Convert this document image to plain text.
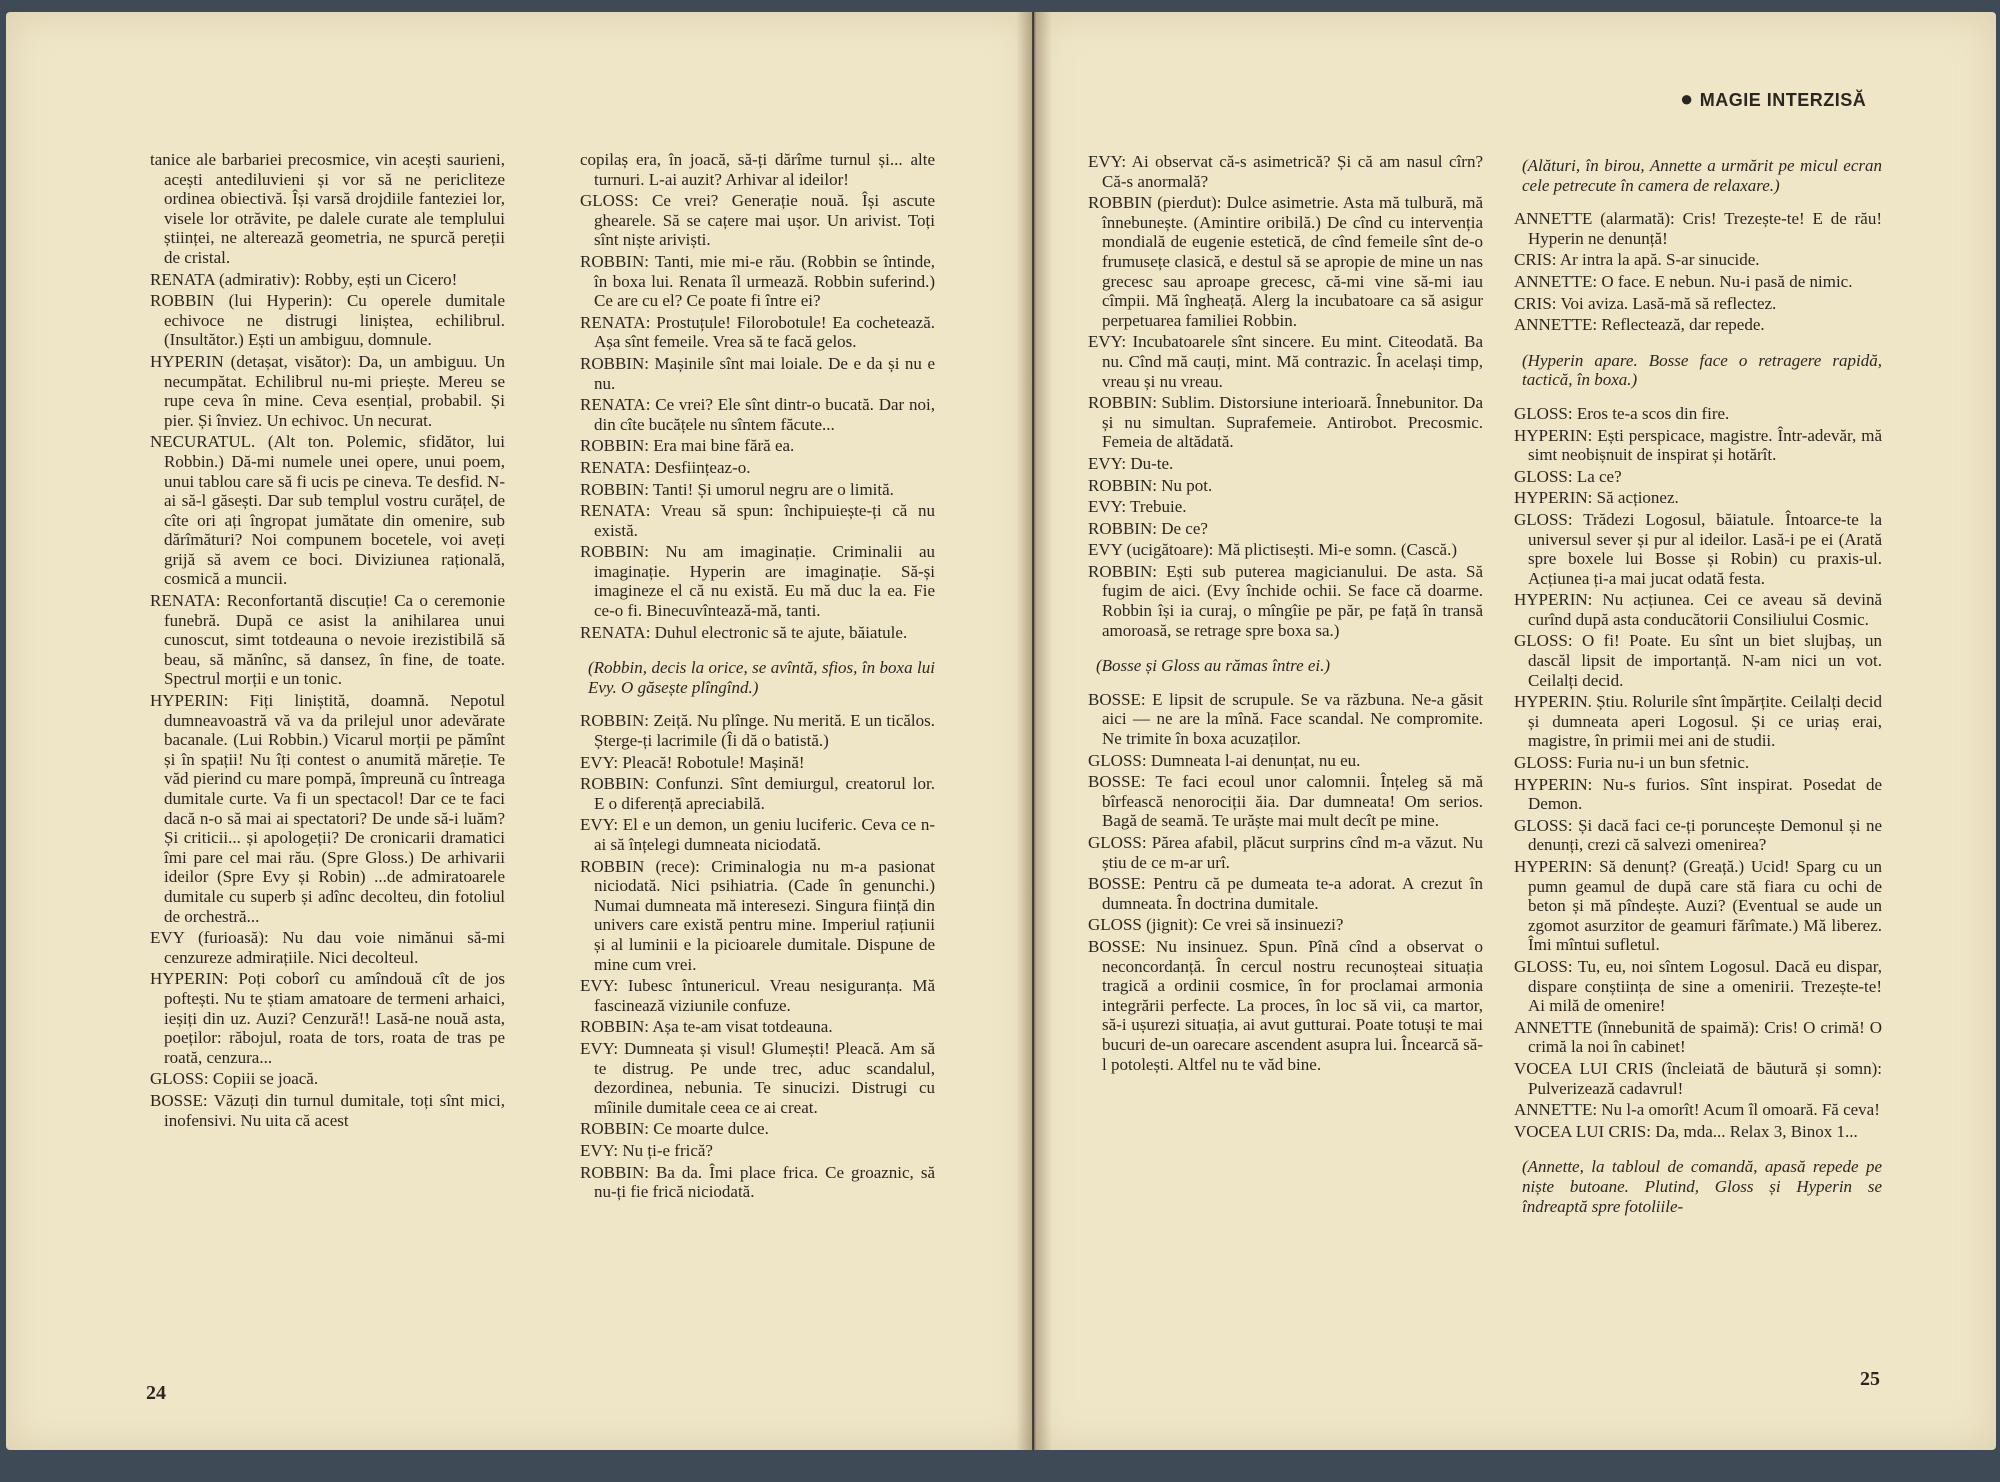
● MAGIE INTERZISĂ

tanice ale barbariei precosmice, vin acești saurieni, acești antediluvieni și vor să ne pericliteze ordinea obiectivă. Își varsă drojdiile fanteziei lor, visele lor otrăvite, pe dalele curate ale templului științei, ne alterează geometria, ne spurcă pereții de cristal.

RENATA (admirativ): Robby, ești un Cicero!

ROBBIN (lui Hyperin): Cu operele dumitale echivoce ne distrugi liniștea, echilibrul. (Insultător.) Ești un ambiguu, domnule.

HYPERIN (detașat, visător): Da, un ambiguu. Un necumpătat. Echilibrul nu-mi priește. Mereu se rupe ceva în mine. Ceva esențial, probabil. Și pier. Și înviez. Un echivoc. Un necurat.

NECURATUL. (Alt ton. Polemic, sfidător, lui Robbin.) Dă-mi numele unei opere, unui poem, unui tablou care să fi ucis pe cineva. Te desfid. N-ai să-l găsești. Dar sub templul vostru curățel, de cîte ori ați îngropat jumătate din omenire, sub dărîmături? Noi compunem bocetele, voi aveți grijă să avem ce boci. Diviziunea rațională, cosmică a muncii.

RENATA: Reconfortantă discuție! Ca o ceremonie funebră. După ce asist la anihilarea unui cunoscut, simt totdeauna o nevoie irezistibilă să beau, să mănînc, să dansez, în fine, de toate. Spectrul morții e un tonic.

HYPERIN: Fiți liniștită, doamnă. Nepotul dumneavoastră vă va da prilejul unor adevărate bacanale. (Lui Robbin.) Vicarul morții pe pămînt și în spații! Nu îți contest o anumită măreție. Te văd pierind cu mare pompă, împreună cu întreaga dumitale curte. Va fi un spectacol! Dar ce te faci dacă n-o să mai ai spectatori? De unde să-i luăm? Și criticii... și apologeții? De cronicarii dramatici îmi pare cel mai rău. (Spre Gloss.) De arhivarii ideilor (Spre Evy și Robin) ...de admiratoarele dumitale cu superb și adînc decolteu, din fotoliul de orchestră...

EVY (furioasă): Nu dau voie nimănui să-mi cenzureze admirațiile. Nici decolteul.

HYPERIN: Poți coborî cu amîndouă cît de jos poftești. Nu te știam amatoare de termeni arhaici, ieșiți din uz. Auzi? Cenzură!! Lasă-ne nouă asta, poeților: răbojul, roata de tors, roata de tras pe roată, cenzura...

GLOSS: Copiii se joacă.

BOSSE: Văzuți din turnul dumitale, toți sînt mici, inofensivi. Nu uita că acest

copilaș era, în joacă, să-ți dărîme turnul și... alte turnuri. L-ai auzit? Arhivar al ideilor!

GLOSS: Ce vrei? Generație nouă. Își ascute ghearele. Să se cațere mai ușor. Un arivist. Toți sînt niște ariviști.

ROBBIN: Tanti, mie mi-e rău. (Robbin se întinde, în boxa lui. Renata îl urmează. Robbin suferind.) Ce are cu el? Ce poate fi între ei?

RENATA: Prostuțule! Filorobotule! Ea cochetează. Așa sînt femeile. Vrea să te facă gelos.

ROBBIN: Mașinile sînt mai loiale. De e da și nu e nu.

RENATA: Ce vrei? Ele sînt dintr-o bucată. Dar noi, din cîte bucățele nu sîntem făcute...

ROBBIN: Era mai bine fără ea.

RENATA: Desființeaz-o.

ROBBIN: Tanti! Și umorul negru are o limită.

RENATA: Vreau să spun: închipuiește-ți că nu există.

ROBBIN: Nu am imaginație. Criminalii au imaginație. Hyperin are imaginație. Să-și imagineze el că nu există. Eu mă duc la ea. Fie ce-o fi. Binecuvîntează-mă, tanti.

RENATA: Duhul electronic să te ajute, băiatule.

(Robbin, decis la orice, se avîntă, sfios, în boxa lui Evy. O găsește plîngînd.)

ROBBIN: Zeiță. Nu plînge. Nu merită. E un ticălos. Șterge-ți lacrimile (Îi dă o batistă.)

EVY: Pleacă! Robotule! Mașină!

ROBBIN: Confunzi. Sînt demiurgul, creatorul lor. E o diferență apreciabilă.

EVY: El e un demon, un geniu luciferic. Ceva ce n-ai să înțelegi dumneata niciodată.

ROBBIN (rece): Criminalogia nu m-a pasionat niciodată. Nici psihiatria. (Cade în genunchi.) Numai dumneata mă interesezi. Singura ființă din univers care există pentru mine. Imperiul rațiunii și al luminii e la picioarele dumitale. Dispune de mine cum vrei.

EVY: Iubesc întunericul. Vreau nesiguranța. Mă fascinează viziunile confuze.

ROBBIN: Așa te-am visat totdeauna.

EVY: Dumneata și visul! Glumești! Pleacă. Am să te distrug. Pe unde trec, aduc scandalul, dezordinea, nebunia. Te sinucizi. Distrugi cu mîinile dumitale ceea ce ai creat.

ROBBIN: Ce moarte dulce.

EVY: Nu ți-e frică?

ROBBIN: Ba da. Îmi place frica. Ce groaznic, să nu-ți fie frică niciodată.

EVY: Ai observat că-s asimetrică? Și că am nasul cîrn? Că-s anormală?

ROBBIN (pierdut): Dulce asimetrie. Asta mă tulbură, mă înnebunește. (Amintire oribilă.) De cînd cu intervenția mondială de eugenie estetică, de cînd femeile sînt de-o frumusețe clasică, e destul să se apropie de mine un nas grecesc sau aproape grecesc, că-mi vine să-mi iau cîmpii. Mă îngheață. Alerg la incubatoare ca să asigur perpetuarea familiei Robbin.

EVY: Incubatoarele sînt sincere. Eu mint. Citeodată. Ba nu. Cînd mă cauți, mint. Mă contrazic. În același timp, vreau și nu vreau.

ROBBIN: Sublim. Distorsiune interioară. Înnebunitor. Da și nu simultan. Suprafemeie. Antirobot. Precosmic. Femeia de altădată.

EVY: Du-te.

ROBBIN: Nu pot.

EVY: Trebuie.

ROBBIN: De ce?

EVY (ucigătoare): Mă plictisești. Mi-e somn. (Cască.)

ROBBIN: Ești sub puterea magicianului. De asta. Să fugim de aici. (Evy închide ochii. Se face că doarme. Robbin își ia curaj, o mîngîie pe păr, pe față în transă amoroasă, se retrage spre boxa sa.)

(Bosse și Gloss au rămas între ei.)

BOSSE: E lipsit de scrupule. Se va răzbuna. Ne-a găsit aici — ne are la mînă. Face scandal. Ne compromite. Ne trimite în boxa acuzaților.

GLOSS: Dumneata l-ai denunțat, nu eu.

BOSSE: Te faci ecoul unor calomnii. Înțeleg să mă bîrfească nenorociții ăia. Dar dumneata! Om serios. Bagă de seamă. Te urăște mai mult decît pe mine.

GLOSS: Părea afabil, plăcut surprins cînd m-a văzut. Nu știu de ce m-ar urî.

BOSSE: Pentru că pe dumeata te-a adorat. A crezut în dumneata. În doctrina dumitale.

GLOSS (jignit): Ce vrei să insinuezi?

BOSSE: Nu insinuez. Spun. Pînă cînd a observat o neconcordanță. În cercul nostru recunoșteai situația tragică a ordinii cosmice, în for proclamai armonia integrării perfecte. La proces, în loc să vii, ca martor, să-i ușurezi situația, ai avut gutturai. Poate totuși te mai bucuri de-un oarecare ascendent asupra lui. Încearcă să-l potolești. Altfel nu te văd bine.

(Alături, în birou, Annette a urmărit pe micul ecran cele petrecute în camera de relaxare.)

ANNETTE (alarmată): Cris! Trezește-te! E de rău! Hyperin ne denunță!

CRIS: Ar intra la apă. S-ar sinucide.

ANNETTE: O face. E nebun. Nu-i pasă de nimic.

CRIS: Voi aviza. Lasă-mă să reflectez.

ANNETTE: Reflectează, dar repede.

(Hyperin apare. Bosse face o retragere rapidă, tactică, în boxa.)

GLOSS: Eros te-a scos din fire.

HYPERIN: Ești perspicace, magistre. Într-adevăr, mă simt neobișnuit de inspirat și hotărît.

GLOSS: La ce?

HYPERIN: Să acționez.

GLOSS: Trădezi Logosul, băiatule. Întoarce-te la universul sever și pur al ideilor. Lasă-i pe ei (Arată spre boxele lui Bosse și Robin) cu praxis-ul. Acțiunea ți-a mai jucat odată festa.

HYPERIN: Nu acțiunea. Cei ce aveau să devină curînd după asta conducătorii Consiliului Cosmic.

GLOSS: O fi! Poate. Eu sînt un biet slujbaș, un dascăl lipsit de importanță. N-am nici un vot. Ceilalți decid.

HYPERIN. Știu. Rolurile sînt împărțite. Ceilalți decid și dumneata aperi Logosul. Și ce uriaș erai, magistre, în primii mei ani de studii.

GLOSS: Furia nu-i un bun sfetnic.

HYPERIN: Nu-s furios. Sînt inspirat. Posedat de Demon.

GLOSS: Și dacă faci ce-ți poruncește Demonul și ne denunți, crezi că salvezi omenirea?

HYPERIN: Să denunț? (Greață.) Ucid! Sparg cu un pumn geamul de după care stă fiara cu ochi de beton și mă pîndește. Auzi? (Eventual se aude un zgomot asurzitor de geamuri fărîmate.) Mă liberez. Îmi mîntui sufletul.

GLOSS: Tu, eu, noi sîntem Logosul. Dacă eu dispar, dispare conștiința de sine a omenirii. Trezește-te! Ai milă de omenire!

ANNETTE (înnebunită de spaimă): Cris! O crimă! O crimă la noi în cabinet!

VOCEA LUI CRIS (încleiată de băutură și somn): Pulverizează cadavrul!

ANNETTE: Nu l-a omorît! Acum îl omoară. Fă ceva!

VOCEA LUI CRIS: Da, mda... Relax 3, Binox 1...

(Annette, la tabloul de comandă, apasă repede pe niște butoane. Plutind, Gloss și Hyperin se îndreaptă spre fotoliile-

24
25
